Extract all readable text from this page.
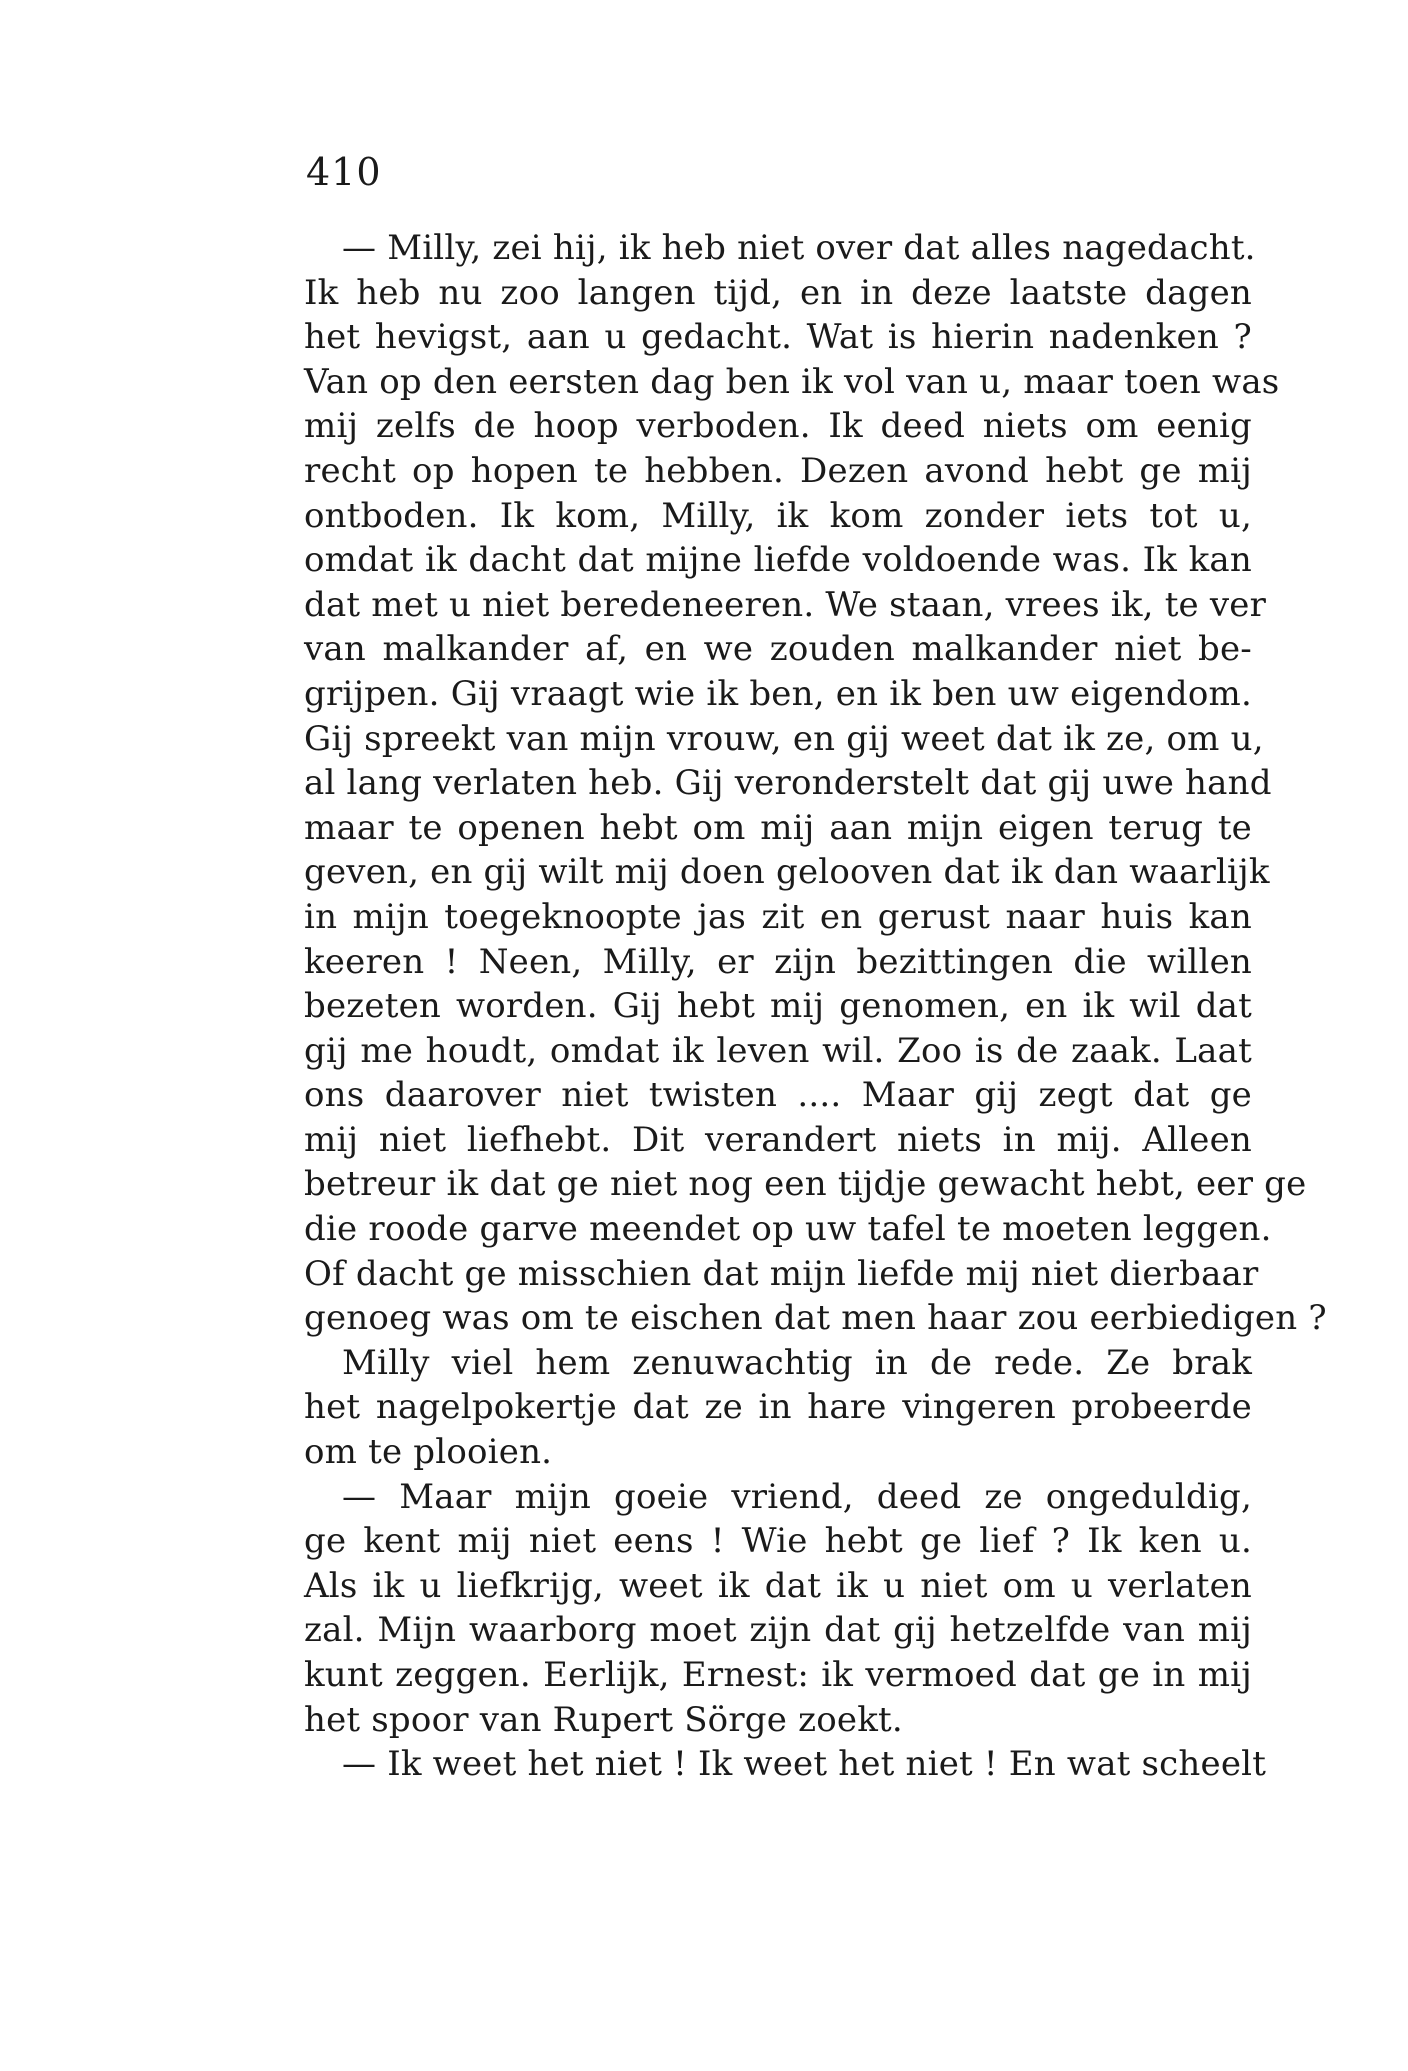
410
— Milly, zei hij, ik heb niet over dat alles nagedacht.
Ik heb nu zoo langen tijd, en in deze laatste dagen
het hevigst, aan u gedacht. Wat is hierin nadenken ?
Van op den eersten dag ben ik vol van u, maar toen was
mij zelfs de hoop verboden. Ik deed niets om eenig
recht op hopen te hebben. Dezen avond hebt ge mij
ontboden. Ik kom, Milly, ik kom zonder iets tot u,
omdat ik dacht dat mijne liefde voldoende was. Ik kan
dat met u niet beredeneeren. We staan, vrees ik, te ver
van malkander af, en we zouden malkander niet be-
grijpen. Gij vraagt wie ik ben, en ik ben uw eigendom.
Gij spreekt van mijn vrouw, en gij weet dat ik ze, om u,
al lang verlaten heb. Gij veronderstelt dat gij uwe hand
maar te openen hebt om mij aan mijn eigen terug te
geven, en gij wilt mij doen gelooven dat ik dan waarlijk
in mijn toegeknoopte jas zit en gerust naar huis kan
keeren ! Neen, Milly, er zijn bezittingen die willen
bezeten worden. Gij hebt mij genomen, en ik wil dat
gij me houdt, omdat ik leven wil. Zoo is de zaak. Laat
ons daarover niet twisten .... Maar gij zegt dat ge
mij niet liefhebt. Dit verandert niets in mij. Alleen
betreur ik dat ge niet nog een tijdje gewacht hebt, eer ge
die roode garve meendet op uw tafel te moeten leggen.
Of dacht ge misschien dat mijn liefde mij niet dierbaar
genoeg was om te eischen dat men haar zou eerbiedigen ?
Milly viel hem zenuwachtig in de rede. Ze brak
het nagelpokertje dat ze in hare vingeren probeerde
om te plooien.
— Maar mijn goeie vriend, deed ze ongeduldig,
ge kent mij niet eens ! Wie hebt ge lief ? Ik ken u.
Als ik u liefkrijg, weet ik dat ik u niet om u verlaten
zal. Mijn waarborg moet zijn dat gij hetzelfde van mij
kunt zeggen. Eerlijk, Ernest: ik vermoed dat ge in mij
het spoor van Rupert Sörge zoekt.
— Ik weet het niet ! Ik weet het niet ! En wat scheelt
